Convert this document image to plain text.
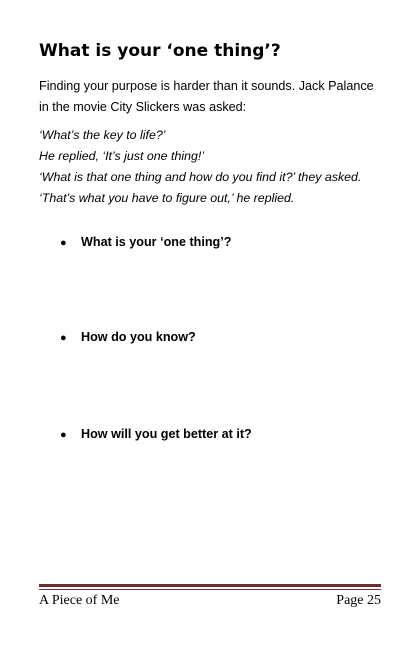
What is your ‘one thing’?

Finding your purpose is harder than it sounds. Jack Palance in the movie City Slickers was asked:

‘What’s the key to life?’
He replied, ‘It’s just one thing!’
‘What is that one thing and how do you find it?’ they asked.
‘That’s what you have to figure out,’ he replied.
● What is your ‘one thing’?
● How do you know?
● How will you get better at it?
A Piece of Me	Page 25
